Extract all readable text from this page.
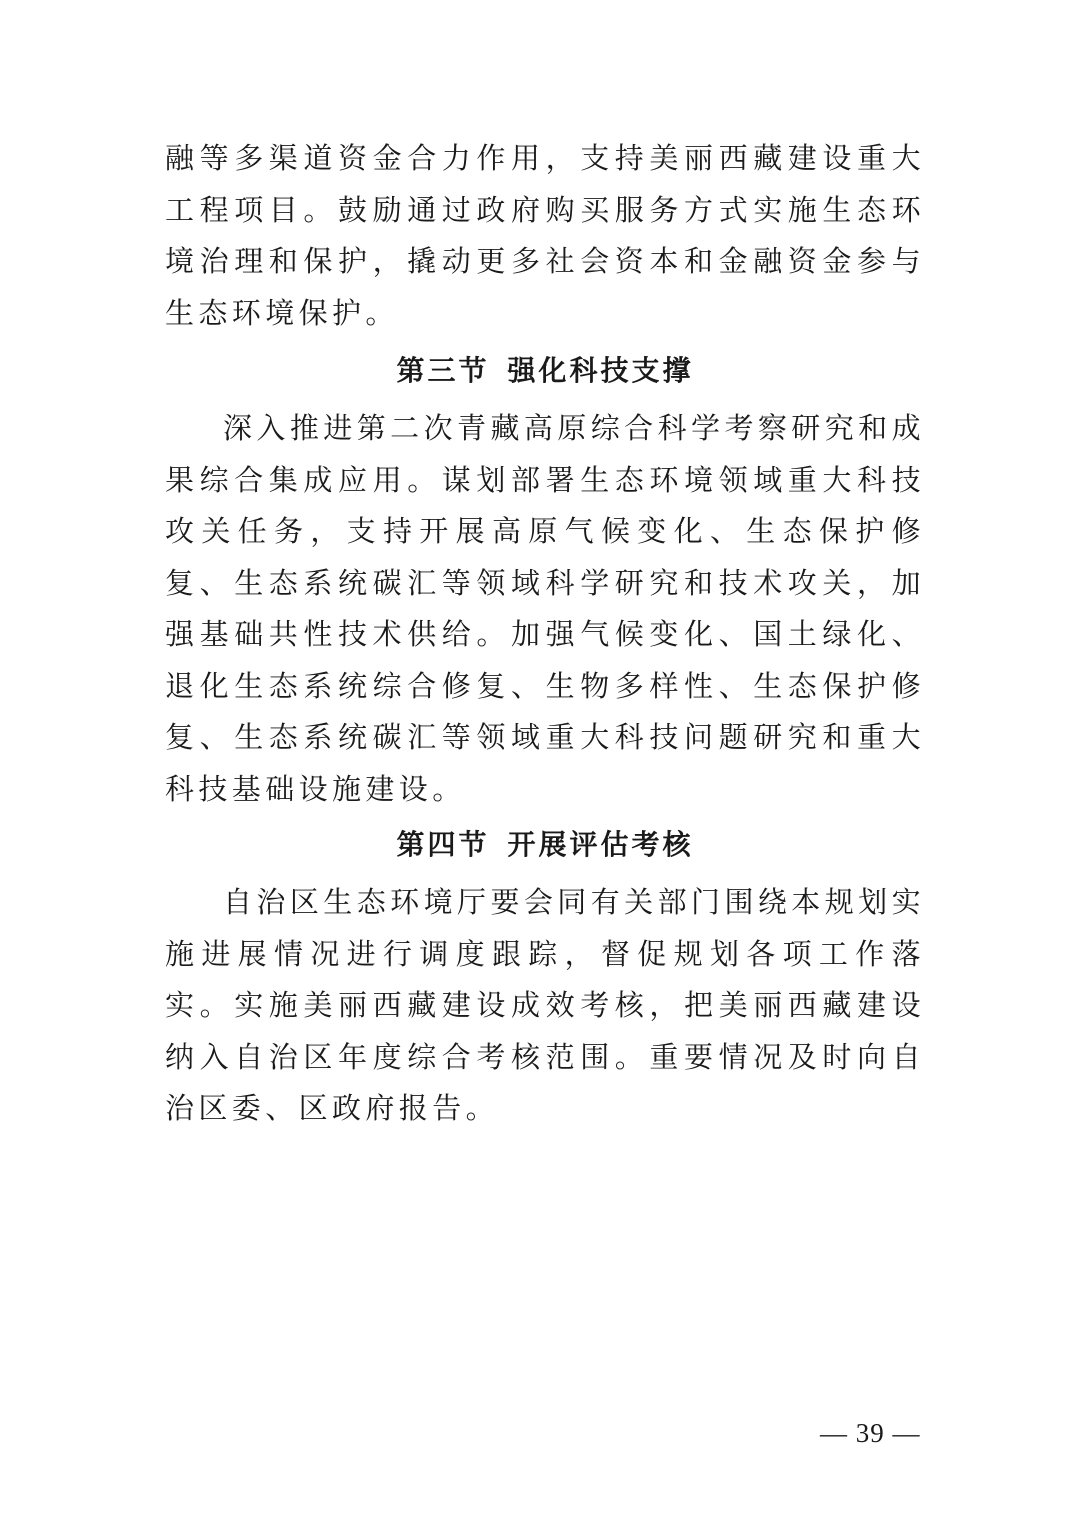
融等多渠道资金合力作用，支持美丽西藏建设重大工程项目。鼓励通过政府购买服务方式实施生态环境治理和保护，撬动更多社会资本和金融资金参与生态环境保护。

第三节 强化科技支撑

深入推进第二次青藏高原综合科学考察研究和成果综合集成应用。谋划部署生态环境领域重大科技攻关任务，支持开展高原气候变化、生态保护修复、生态系统碳汇等领域科学研究和技术攻关，加强基础共性技术供给。加强气候变化、国土绿化、退化生态系统综合修复、生物多样性、生态保护修复、生态系统碳汇等领域重大科技问题研究和重大科技基础设施建设。

第四节 开展评估考核

自治区生态环境厅要会同有关部门围绕本规划实施进展情况进行调度跟踪，督促规划各项工作落实。实施美丽西藏建设成效考核，把美丽西藏建设纳入自治区年度综合考核范围。重要情况及时向自治区委、区政府报告。

— 39 —
